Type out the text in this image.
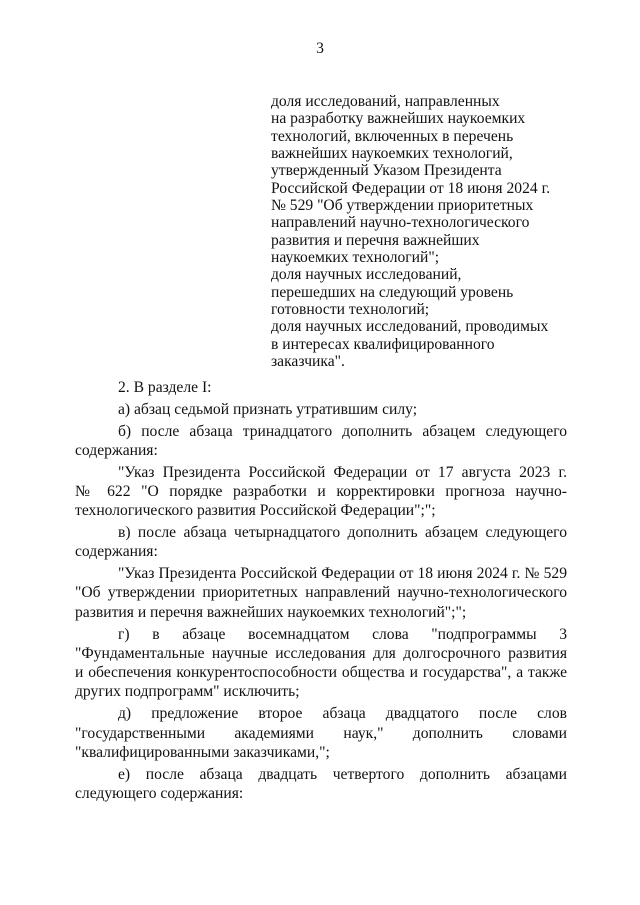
3
доля исследований, направленных
на разработку важнейших наукоемких
технологий, включенных в перечень
важнейших наукоемких технологий,
утвержденный Указом Президента
Российской Федерации от 18 июня 2024 г.
№ 529 "Об утверждении приоритетных
направлений научно-технологического
развития и перечня важнейших
наукоемких технологий";
доля научных исследований,
перешедших на следующий уровень
готовности технологий;
доля научных исследований, проводимых
в интересах квалифицированного
заказчика".

2. В разделе I:

а) абзац седьмой признать утратившим силу;

б) после абзаца тринадцатого дополнить абзацем следующего
содержания:

"Указ Президента Российской Федерации от 17 августа 2023 г.
№ 622 "О порядке разработки и корректировки прогноза научно-
технологического развития Российской Федерации";";

в) после абзаца четырнадцатого дополнить абзацем следующего
содержания:

"Указ Президента Российской Федерации от 18 июня 2024 г. № 529
"Об утверждении приоритетных направлений научно-технологического
развития и перечня важнейших наукоемких технологий";";

г) в абзаце восемнадцатом слова "подпрограммы 3
"Фундаментальные научные исследования для долгосрочного развития
и обеспечения конкурентоспособности общества и государства", а также
других подпрограмм" исключить;

д) предложение второе абзаца двадцатого после слов
"государственными академиями наук," дополнить словами
"квалифицированными заказчиками,";

е) после абзаца двадцать четвертого дополнить абзацами
следующего содержания:
